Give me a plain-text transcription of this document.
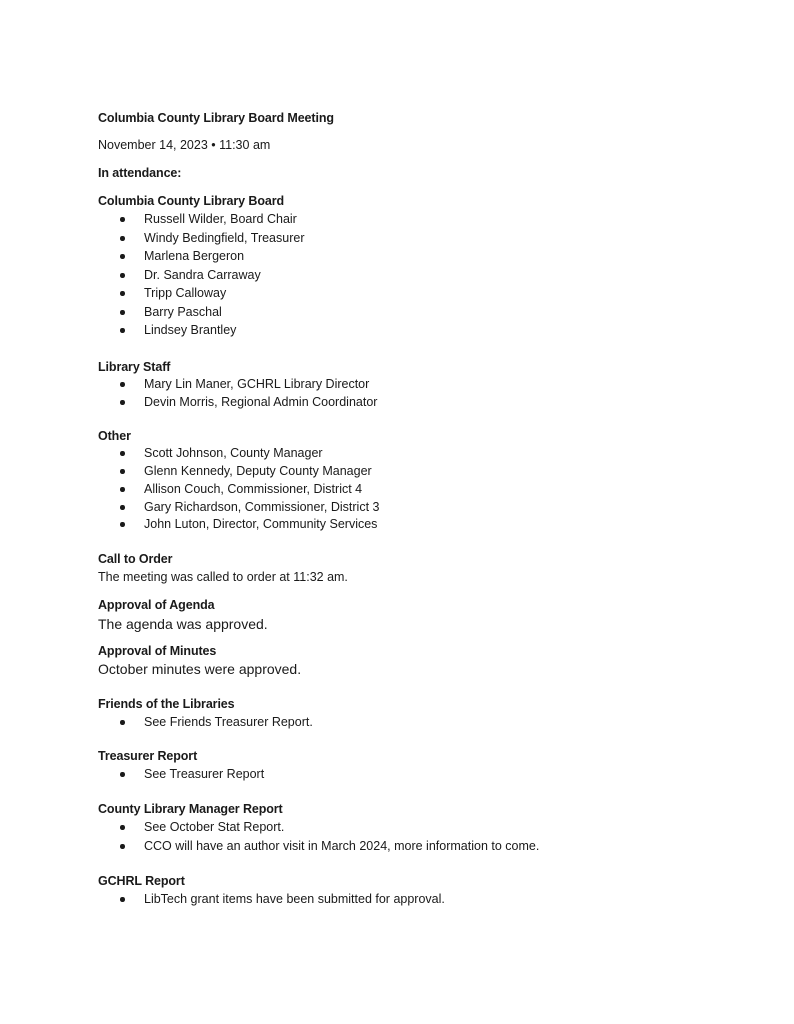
Columbia County Library Board Meeting
November 14, 2023 • 11:30 am
In attendance:
Columbia County Library Board
Russell Wilder, Board Chair
Windy Bedingfield, Treasurer
Marlena Bergeron
Dr. Sandra Carraway
Tripp Calloway
Barry Paschal
Lindsey Brantley
Library Staff
Mary Lin Maner, GCHRL Library Director
Devin Morris, Regional Admin Coordinator
Other
Scott Johnson, County Manager
Glenn Kennedy, Deputy County Manager
Allison Couch, Commissioner, District 4
Gary Richardson, Commissioner, District 3
John Luton, Director, Community Services
Call to Order
The meeting was called to order at 11:32 am.
Approval of Agenda
The agenda was approved.
Approval of Minutes
October minutes were approved.
Friends of the Libraries
See Friends Treasurer Report.
Treasurer Report
See Treasurer Report
County Library Manager Report
See October Stat Report.
CCO will have an author visit in March 2024, more information to come.
GCHRL Report
LibTech grant items have been submitted for approval.
